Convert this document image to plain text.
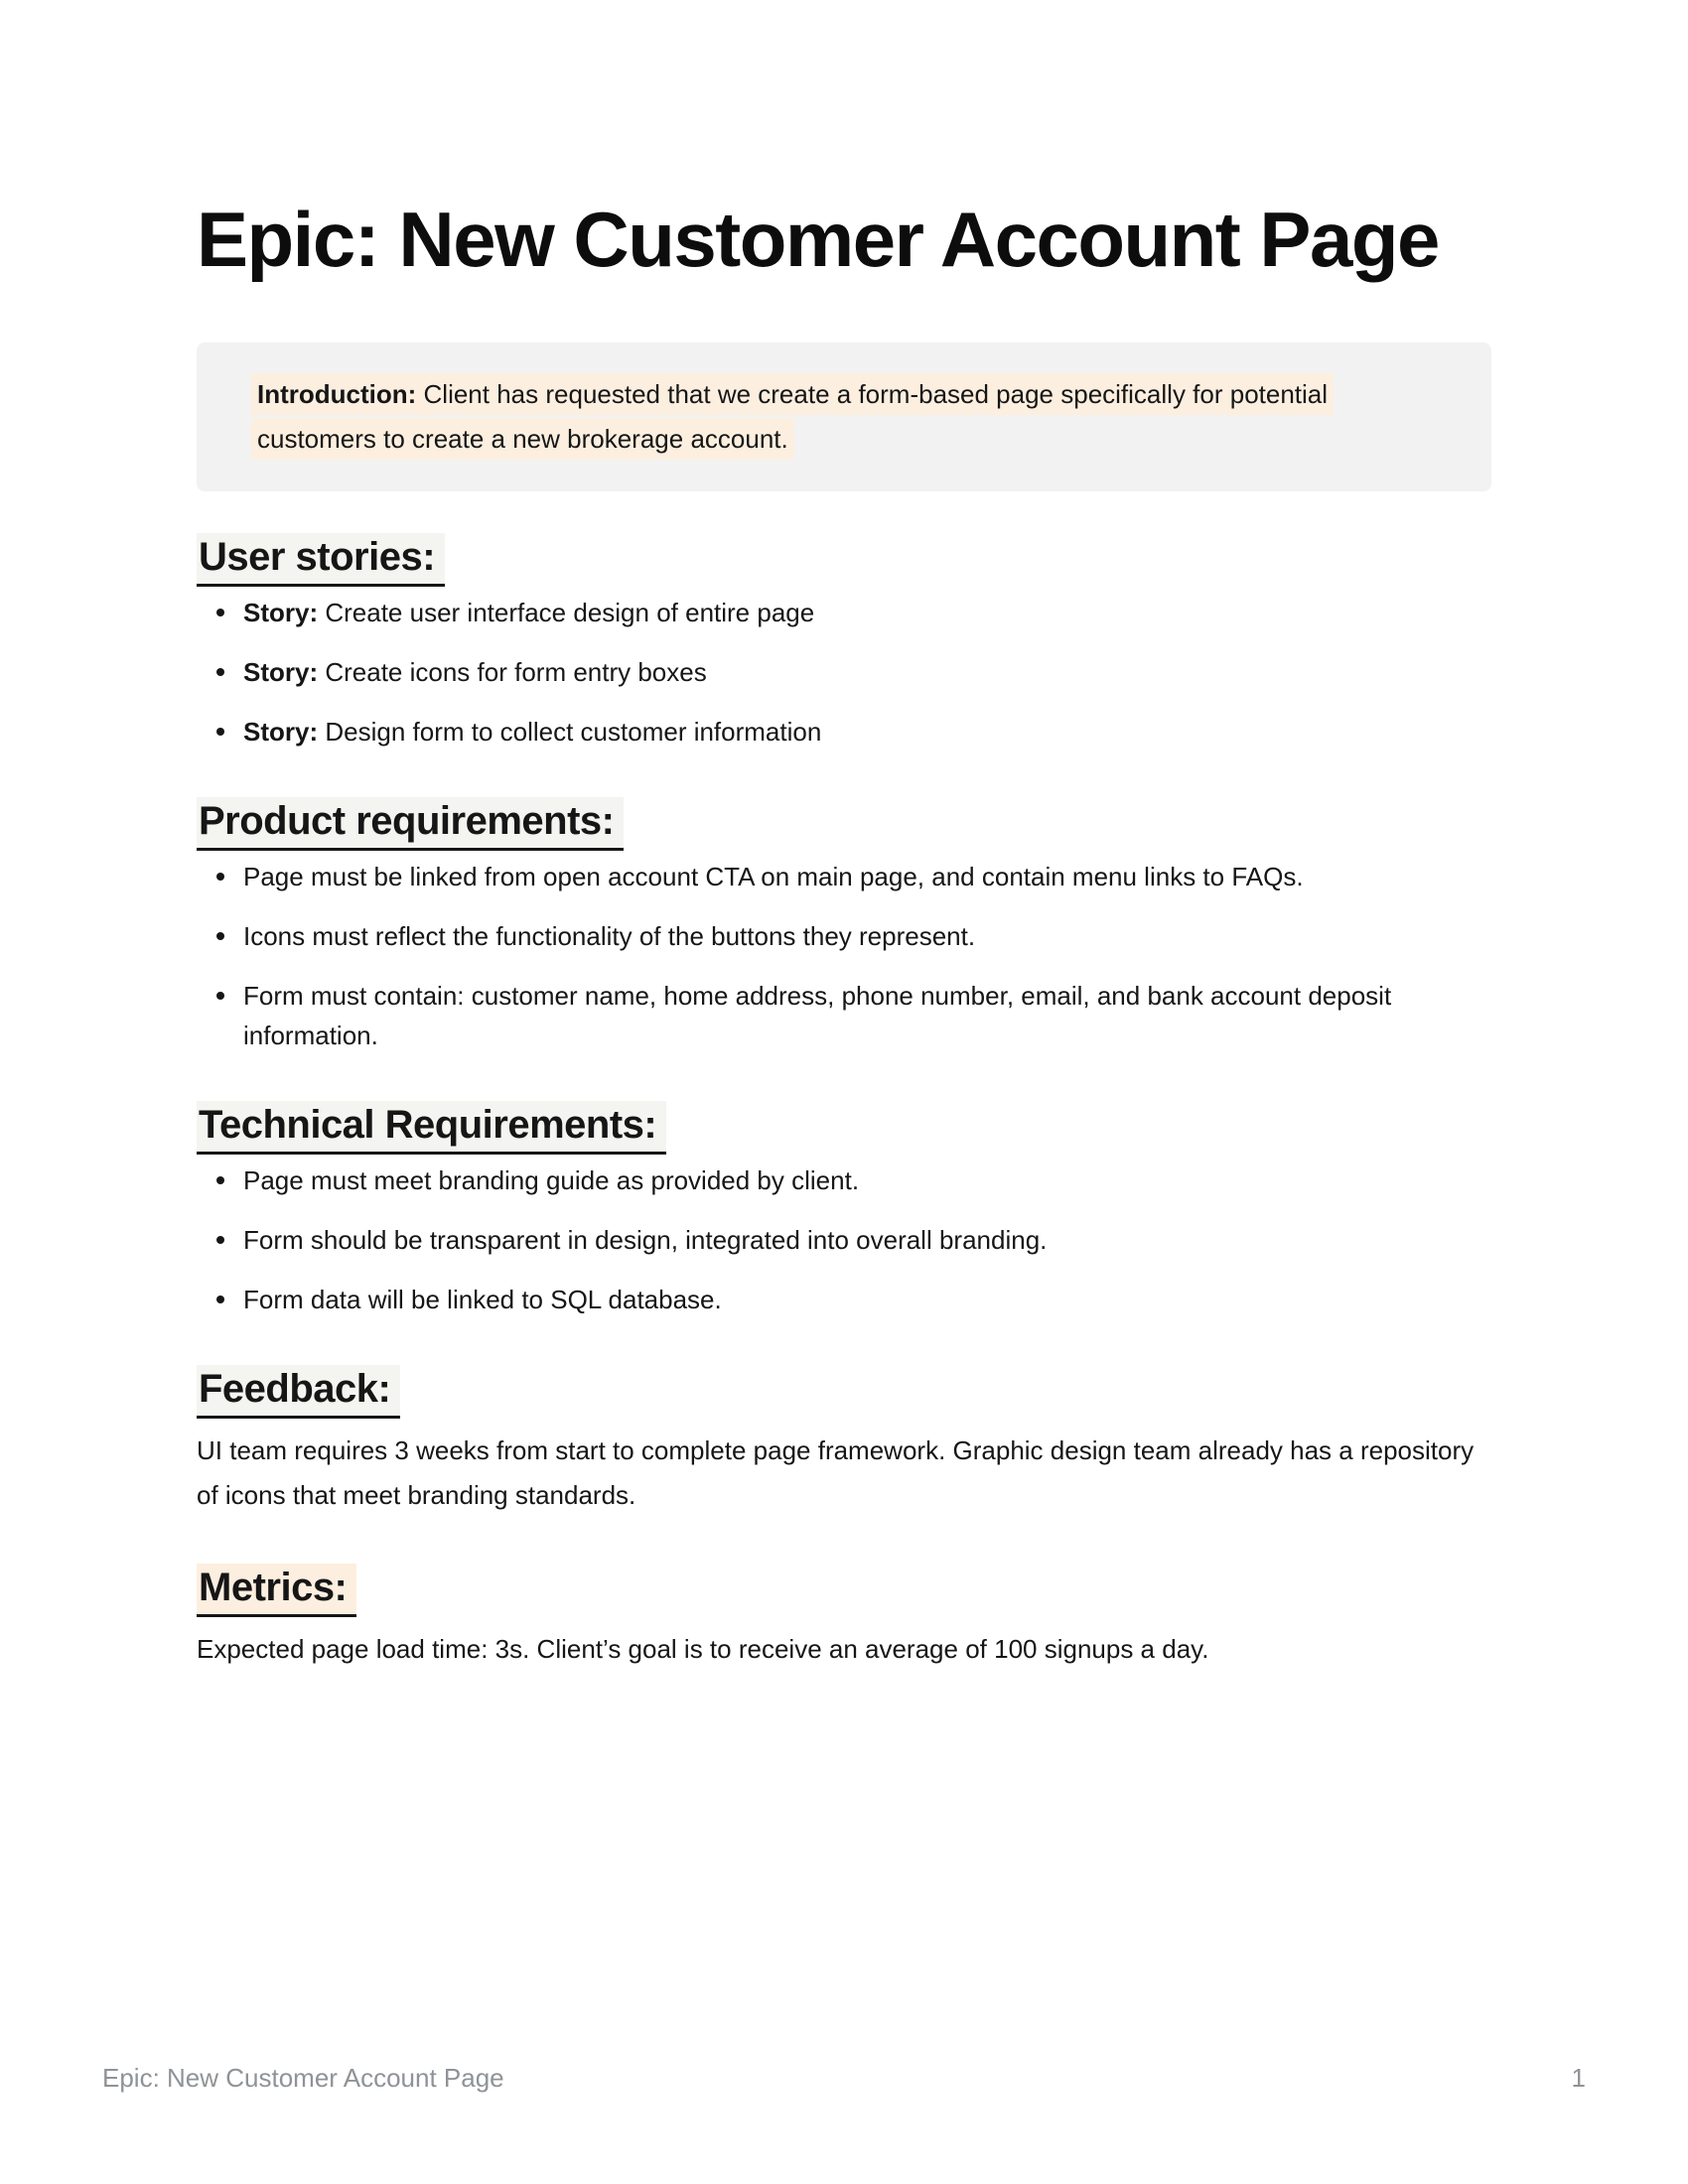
Epic: New Customer Account Page

Introduction: Client has requested that we create a form-based page specifically for potential customers to create a new brokerage account.

User stories:
Story: Create user interface design of entire page
Story: Create icons for form entry boxes
Story: Design form to collect customer information
Product requirements:
Page must be linked from open account CTA on main page, and contain menu links to FAQs.
Icons must reflect the functionality of the buttons they represent.
Form must contain: customer name, home address, phone number, email, and bank account deposit information.
Technical Requirements:
Page must meet branding guide as provided by client.
Form should be transparent in design, integrated into overall branding.
Form data will be linked to SQL database.
Feedback:

UI team requires 3 weeks from start to complete page framework. Graphic design team already has a repository of icons that meet branding standards.

Metrics:

Expected page load time: 3s. Client’s goal is to receive an average of 100 signups a day.

Epic: New Customer Account Page	1
